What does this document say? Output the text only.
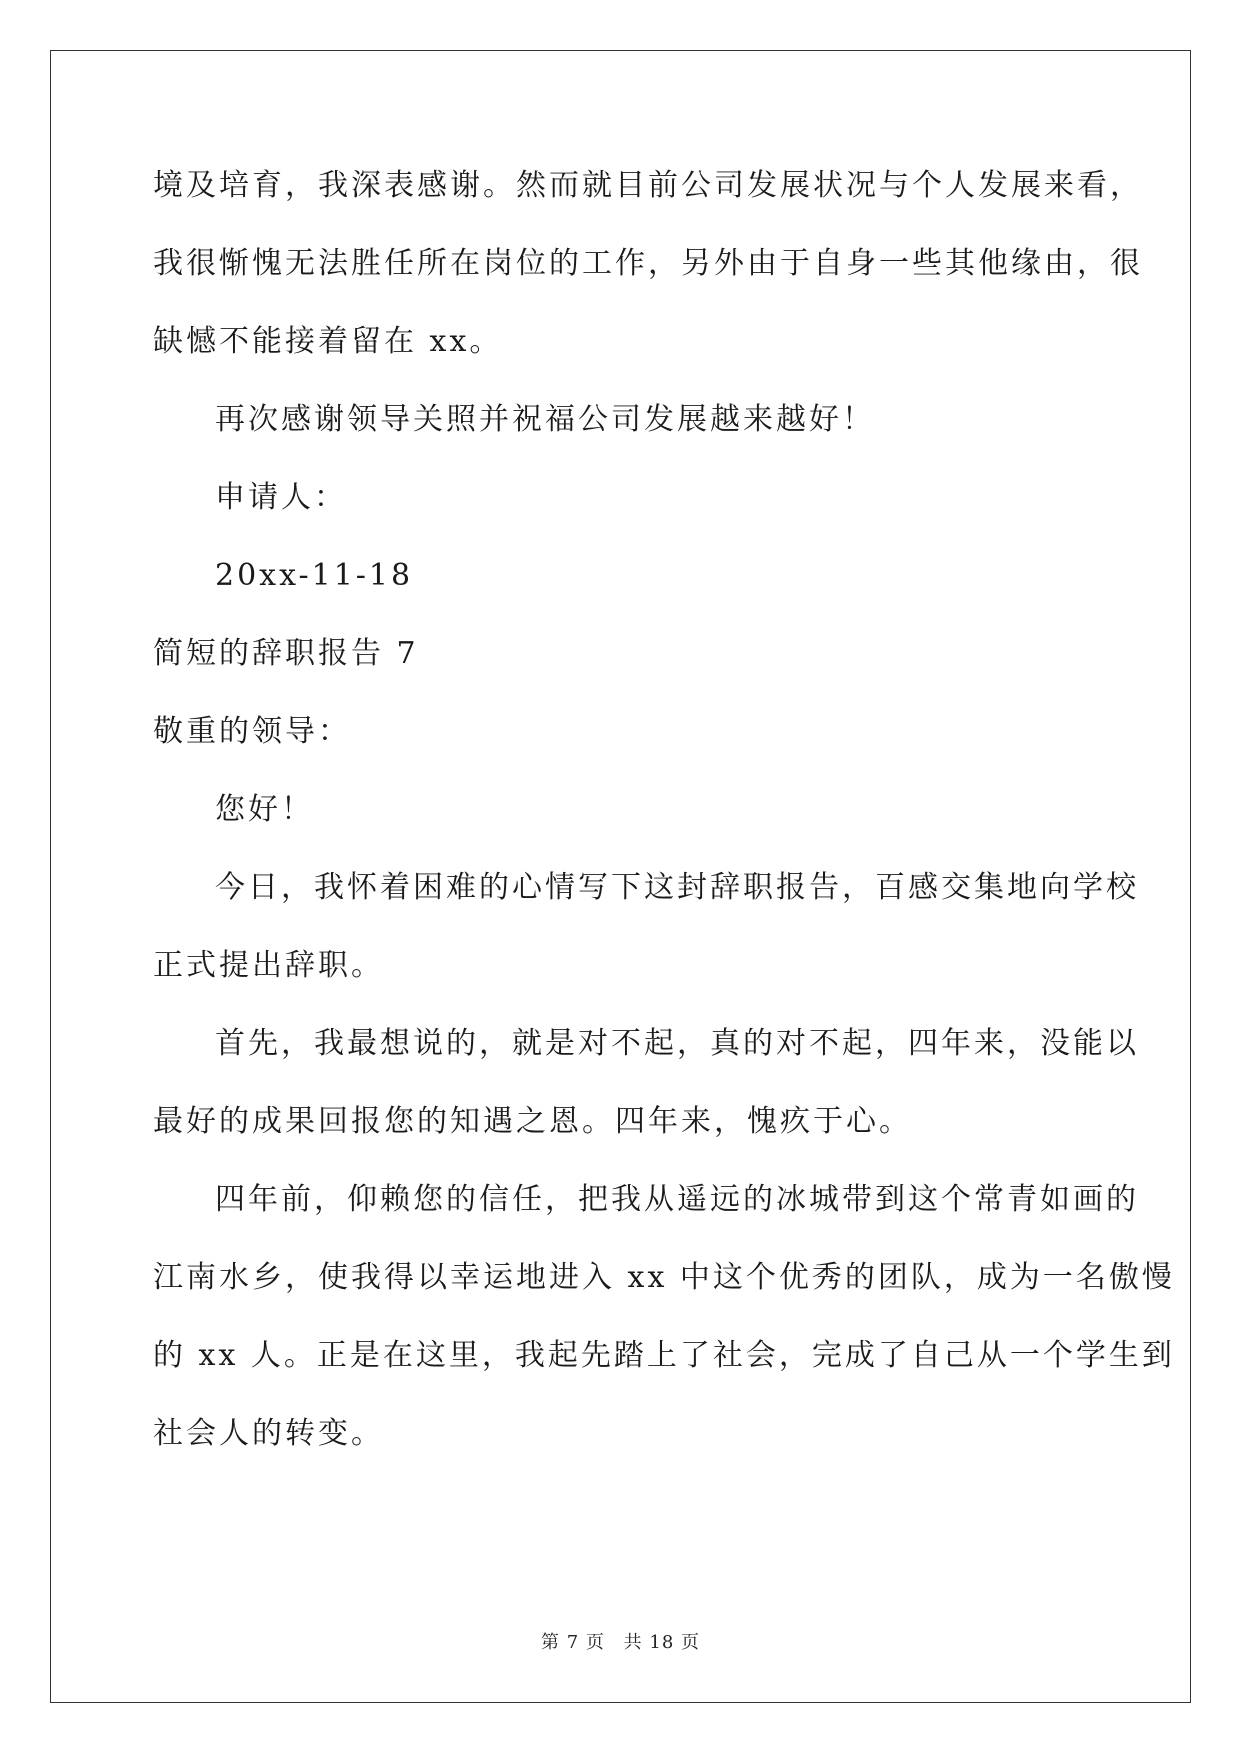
境及培育，我深表感谢。然而就目前公司发展状况与个人发展来看，
我很惭愧无法胜任所在岗位的工作，另外由于自身一些其他缘由，很
缺憾不能接着留在 xx。
再次感谢领导关照并祝福公司发展越来越好！
申请人：
20xx-11-18
简短的辞职报告 7
敬重的领导：
您好！
今日，我怀着困难的心情写下这封辞职报告，百感交集地向学校
正式提出辞职。
首先，我最想说的，就是对不起，真的对不起，四年来，没能以
最好的成果回报您的知遇之恩。四年来，愧疚于心。
四年前，仰赖您的信任，把我从遥远的冰城带到这个常青如画的
江南水乡，使我得以幸运地进入 xx 中这个优秀的团队，成为一名傲慢
的 xx 人。正是在这里，我起先踏上了社会，完成了自己从一个学生到
社会人的转变。
第 7 页 共 18 页
